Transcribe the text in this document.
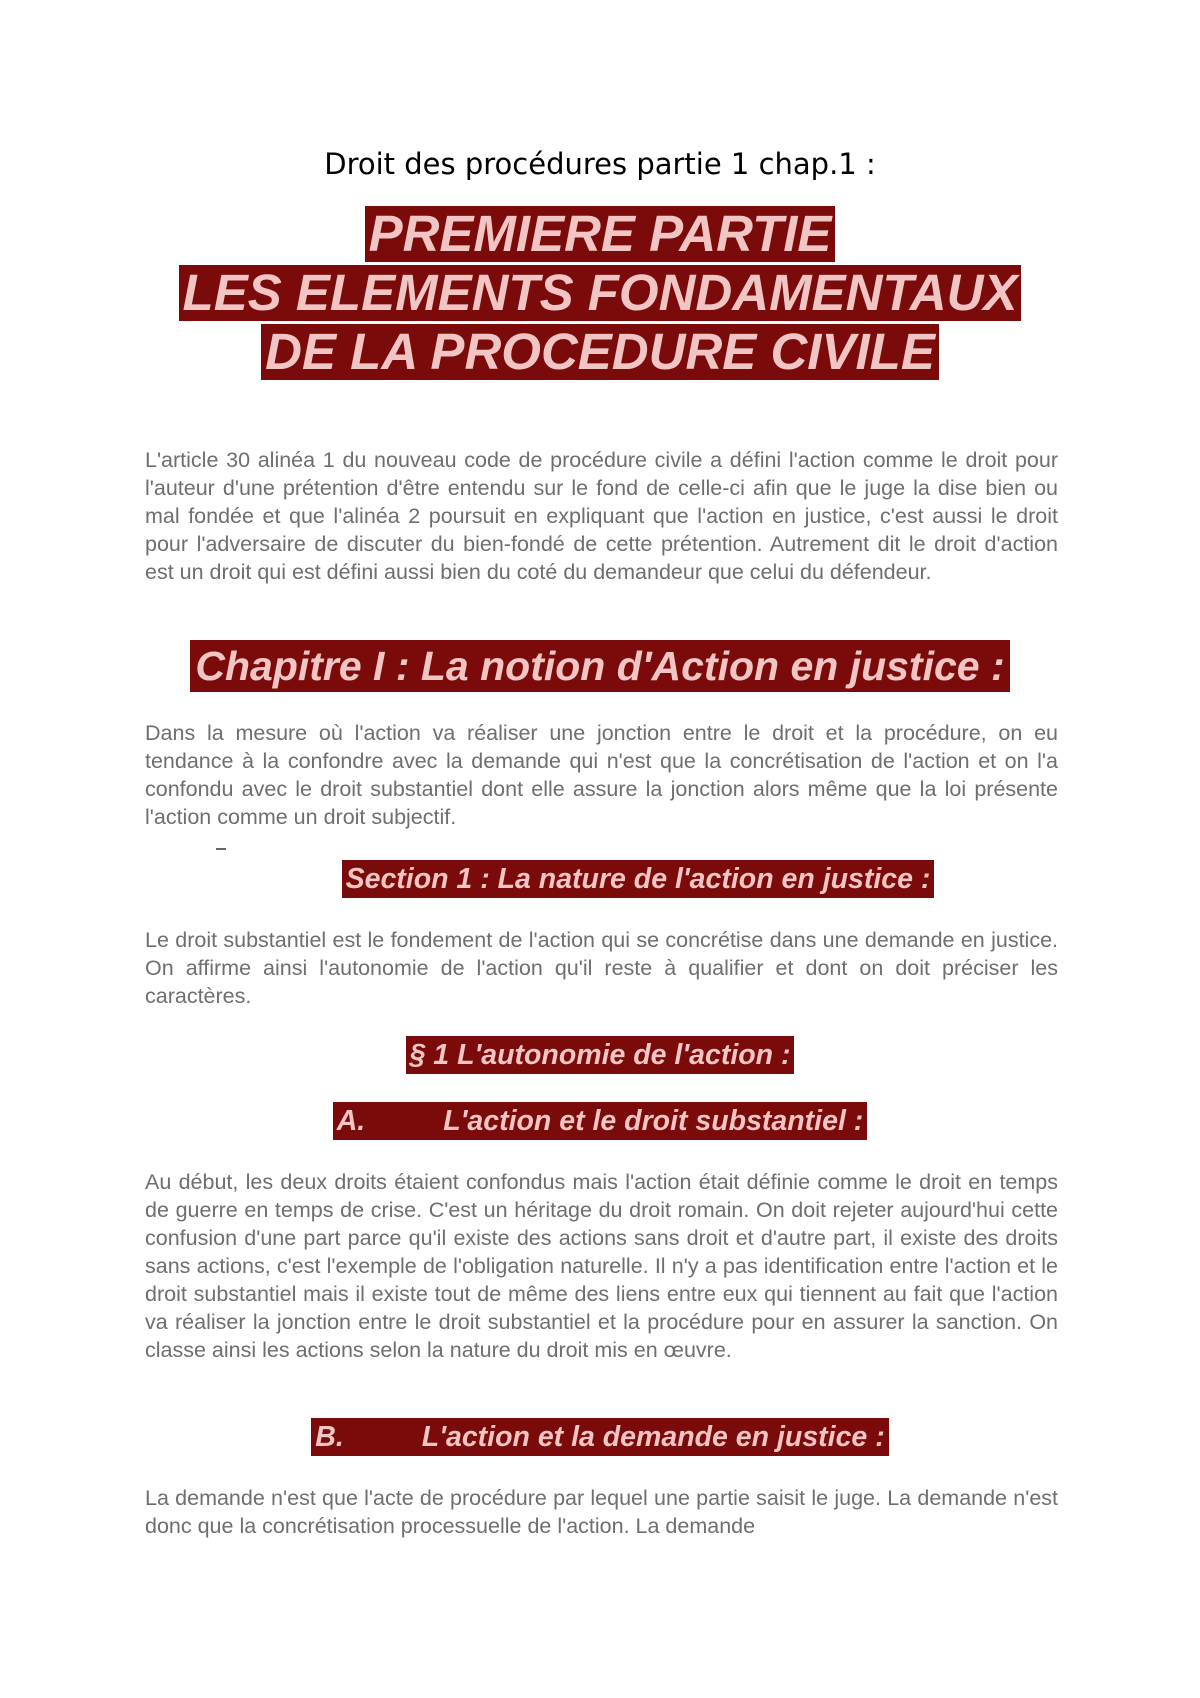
Droit des procédures partie 1 chap.1 :
PREMIERE PARTIE
LES ELEMENTS FONDAMENTAUX
DE LA PROCEDURE CIVILE

L'article 30 alinéa 1 du nouveau code de procédure civile a défini l'action comme le droit pour l'auteur d'une prétention d'être entendu sur le fond de celle-ci afin que le juge la dise bien ou mal fondée et que l'alinéa 2 poursuit en expliquant que l'action en justice, c'est aussi le droit pour l'adversaire de discuter du bien-fondé de cette prétention. Autrement dit le droit d'action est un droit qui est défini aussi bien du coté du demandeur que celui du défendeur.

Chapitre I : La notion d'Action en justice :

Dans la mesure où l'action va réaliser une jonction entre le droit et la procédure, on eu tendance à la confondre avec la demande qui n'est que la concrétisation de l'action et on l'a confondu avec le droit substantiel dont elle assure la jonction alors même que la loi présente l'action comme un droit subjectif.

Section 1 : La nature de l'action en justice :

Le droit substantiel est le fondement de l'action qui se concrétise dans une demande en justice. On affirme ainsi l'autonomie de l'action qu'il reste à qualifier et dont on doit préciser les caractères.

§ 1 L'autonomie de l'action :
A.	L'action et le droit substantiel :

Au début, les deux droits étaient confondus mais l'action était définie comme le droit en temps de guerre en temps de crise. C'est un héritage du droit romain. On doit rejeter aujourd'hui cette confusion d'une part parce qu'il existe des actions sans droit et d'autre part, il existe des droits sans actions, c'est l'exemple de l'obligation naturelle. Il n'y a pas identification entre l'action et le droit substantiel mais il existe tout de même des liens entre eux qui tiennent au fait que l'action va réaliser la jonction entre le droit substantiel et la procédure pour en assurer la sanction. On classe ainsi les actions selon la nature du droit mis en œuvre.

B.	L'action et la demande en justice :

La demande n'est que l'acte de procédure par lequel une partie saisit le juge. La demande n'est donc que la concrétisation processuelle de l'action. La demande
